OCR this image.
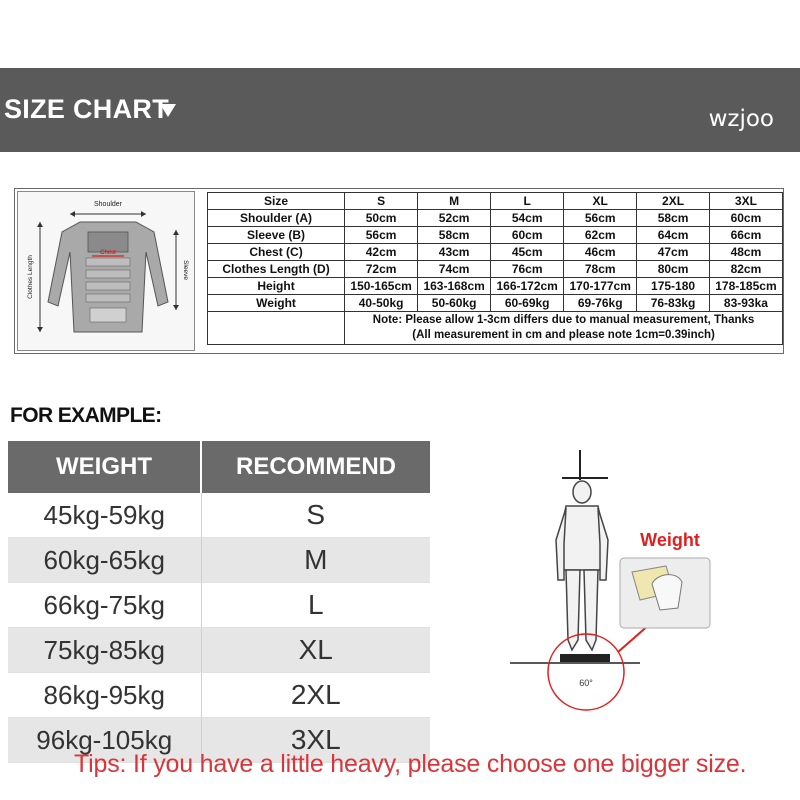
SIZE CHART	wzjoo
Shoulder
Chest
Clothes Length	Sleeve
Size	S	M	L	XL	2XL	3XL
Shoulder (A)	50cm	52cm	54cm	56cm	58cm	60cm
Sleeve (B)	56cm	58cm	60cm	62cm	64cm	66cm
Chest (C)	42cm	43cm	45cm	46cm	47cm	48cm
Clothes Length (D)	72cm	74cm	76cm	78cm	80cm	82cm
Height	150-165cm	163-168cm	166-172cm	170-177cm	175-180	178-185cm
Weight	40-50kg	50-60kg	60-69kg	69-76kg	76-83kg	83-93ka

	Note: Please allow 1-3cm differs due to manual measurement, Thanks
(All measurement in cm and please note 1cm=0.39inch)					
FOR EXAMPLE:
WEIGHT	RECOMMEND
45kg-59kg	S
60kg-65kg	M
66kg-75kg	L
75kg-85kg	XL
86kg-95kg	2XL
96kg-105kg	3XL
60°
Weight
Tips: If you have a little heavy, please choose one bigger size.
